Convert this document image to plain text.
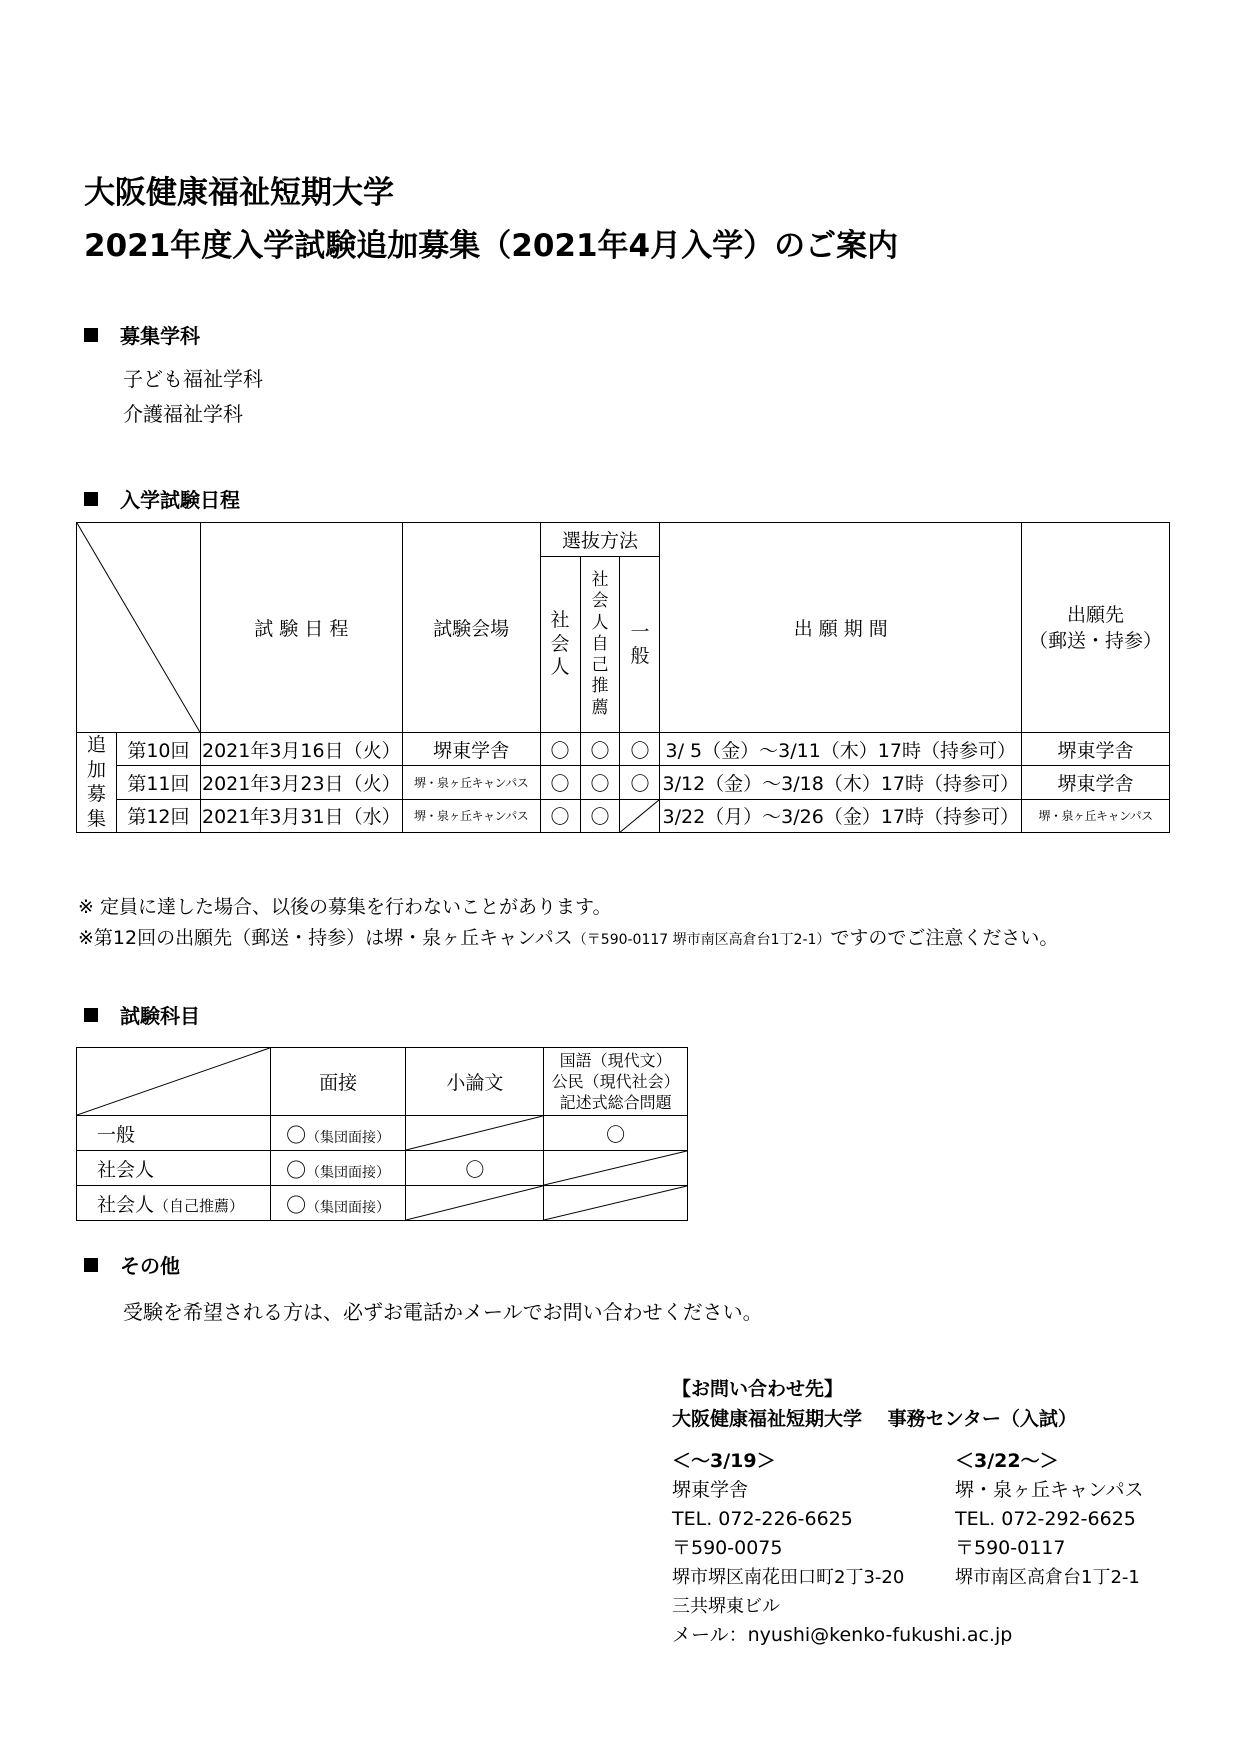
大阪健康福祉短期大学
2021年度入学試験追加募集（2021年4月入学）のご案内
募集学科
子ども福祉学科
介護福祉学科
入学試験日程
	試 験 日 程	試験会場	選抜方法			出 願 期 間	出願先
（郵送・持参）

				社会人	社会人自己推薦	一般		
追加募集	第10回	2021年3月16日（火）	堺東学舎	〇	〇	〇	3/ 5（金）～3/11（木）17時（持参可）	堺東学舎
	第11回	2021年3月23日（火）	堺・泉ヶ丘キャンパス	〇	〇	〇	3/12（金）～3/18（木）17時（持参可）	堺東学舎
	第12回	2021年3月31日（水）	堺・泉ヶ丘キャンパス	〇	〇		3/22（月）～3/26（金）17時（持参可）	堺・泉ヶ丘キャンパス
※ 定員に達した場合、以後の募集を行わないことがあります。
※第12回の出願先（郵送・持参）は堺・泉ヶ丘キャンパス（〒590-0117 堺市南区高倉台1丁2-1）ですのでご注意ください。
試験科目
	面接	小論文	国語（現代文）
公民（現代社会）
記述式総合問題

一般	〇（集団面接）		〇
社会人	〇（集団面接）	〇	

社会人（自己推薦）	〇（集団面接）	

その他
受験を希望される方は、必ずお電話かメールでお問い合わせください。
【お問い合わせ先】
大阪健康福祉短期大学　 事務センター（入試）
＜～3/19＞
堺東学舎
TEL. 072-226-6625
〒590-0075
堺市堺区南花田口町2丁3-20
三共堺東ビル
＜3/22～＞
堺・泉ヶ丘キャンパス
TEL. 072-292-6625
〒590-0117
堺市南区高倉台1丁2-1
メール：nyushi@kenko-fukushi.ac.jp
